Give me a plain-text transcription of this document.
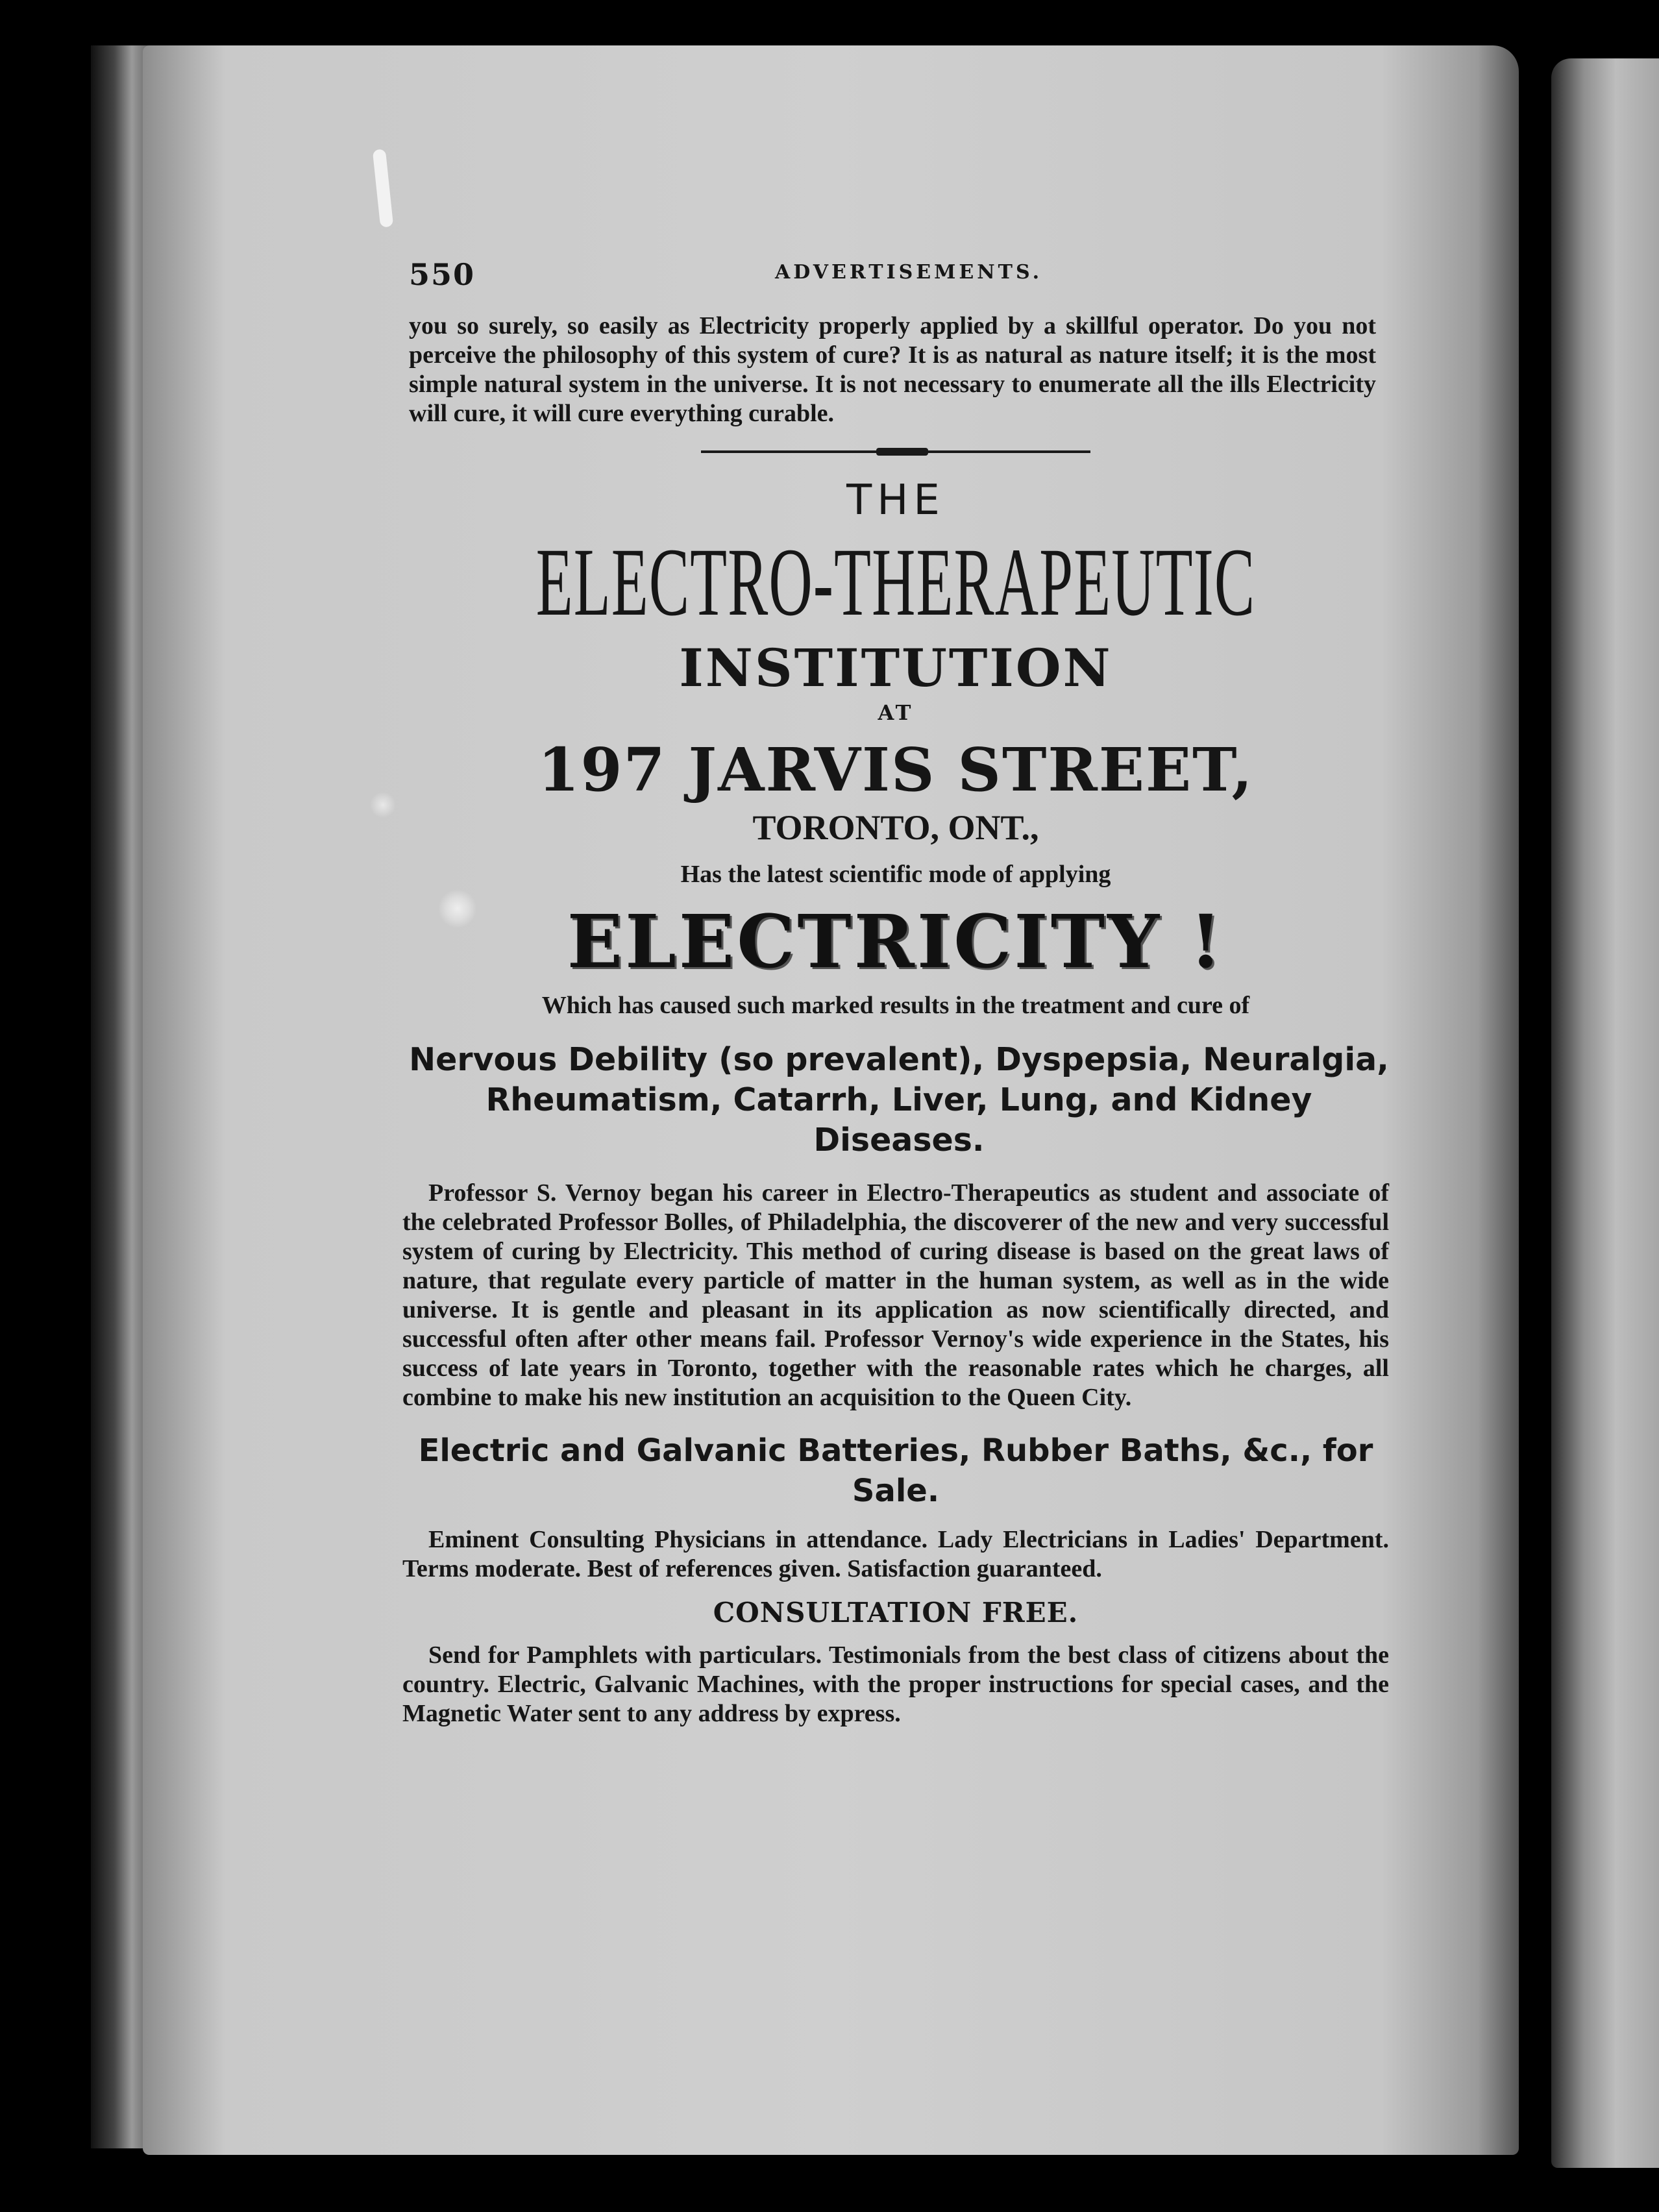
550	ADVERTISEMENTS.

you so surely, so easily as Electricity properly applied by a skillful operator. Do you not perceive the philosophy of this system of cure? It is as natural as nature itself; it is the most simple natural system in the universe. It is not necessary to enumerate all the ills Electricity will cure, it will cure everything curable.

THE
ELECTRO-THERAPEUTIC
INSTITUTION
AT
197 JARVIS STREET,
TORONTO, ONT.,
Has the latest scientific mode of applying
ELECTRICITY !
Which has caused such marked results in the treatment and cure of
Nervous Debility (so prevalent), Dyspepsia, Neuralgia, Rheumatism, Catarrh, Liver, Lung, and Kidney Diseases.

Professor S. Vernoy began his career in Electro-Therapeutics as student and associate of the celebrated Professor Bolles, of Philadelphia, the discoverer of the new and very successful system of curing by Electricity. This method of curing disease is based on the great laws of nature, that regulate every particle of matter in the human system, as well as in the wide universe. It is gentle and pleasant in its application as now scientifically directed, and successful often after other means fail. Professor Vernoy's wide experience in the States, his success of late years in Toronto, together with the reasonable rates which he charges, all combine to make his new institution an acquisition to the Queen City.

Electric and Galvanic Batteries, Rubber Baths, &c., for Sale.

Eminent Consulting Physicians in attendance. Lady Electricians in Ladies' Department. Terms moderate. Best of references given. Satisfaction guaranteed.

CONSULTATION FREE.

Send for Pamphlets with particulars. Testimonials from the best class of citizens about the country. Electric, Galvanic Machines, with the proper instructions for special cases, and the Magnetic Water sent to any address by express.
